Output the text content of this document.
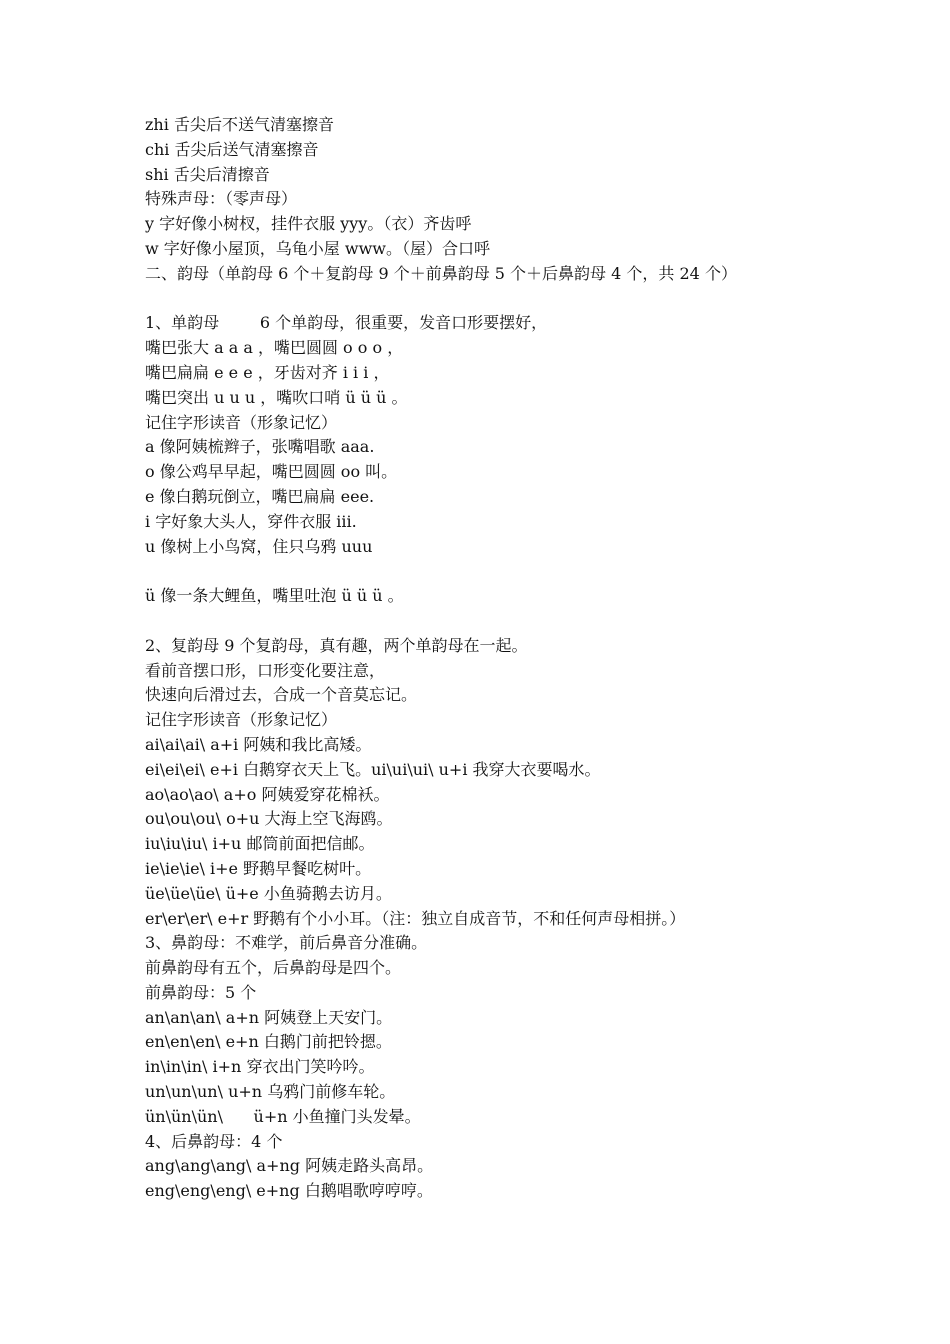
zhi 舌尖后不送气清塞擦音
chi 舌尖后送气清塞擦音
shi 舌尖后清擦音
特殊声母：（零声母）
y 字好像小树杈，挂件衣服 yyy。（衣）齐齿呼
w 字好像小屋顶，乌龟小屋 www。（屋）合口呼
二、韵母（单韵母 6 个＋复韵母 9 个＋前鼻韵母 5 个＋后鼻韵母 4 个，共 24 个）
1、单韵母        6 个单韵母，很重要，发音口形要摆好，
嘴巴张大 a a a ，嘴巴圆圆 o o o ，
嘴巴扁扁 e e e ，牙齿对齐 i i i ，
嘴巴突出 u u u ，嘴吹口哨 ü ü ü 。
记住字形读音（形象记忆）
a 像阿姨梳辫子，张嘴唱歌 aaa.
o 像公鸡早早起，嘴巴圆圆 oo 叫。
e 像白鹅玩倒立，嘴巴扁扁 eee.
i 字好象大头人，穿件衣服 iii.
u 像树上小鸟窝，住只乌鸦 uuu
ü 像一条大鲤鱼，嘴里吐泡 ü ü ü 。
2、复韵母 9 个复韵母，真有趣，两个单韵母在一起。
看前音摆口形，口形变化要注意，
快速向后滑过去，合成一个音莫忘记。
记住字形读音（形象记忆）
ai\ai\ai\ a+i 阿姨和我比高矮。
ei\ei\ei\ e+i 白鹅穿衣天上飞。ui\ui\ui\ u+i 我穿大衣要喝水。
ao\ao\ao\ a+o 阿姨爱穿花棉袄。
ou\ou\ou\ o+u 大海上空飞海鸥。
iu\iu\iu\ i+u 邮筒前面把信邮。
ie\ie\ie\ i+e 野鹅早餐吃树叶。
üe\üe\üe\ ü+e 小鱼骑鹅去访月。
er\er\er\ e+r 野鹅有个小小耳。（注：独立自成音节，不和任何声母相拼。）
3、鼻韵母：不难学，前后鼻音分准确。
前鼻韵母有五个，后鼻韵母是四个。
前鼻韵母：5 个
an\an\an\ a+n 阿姨登上天安门。
en\en\en\ e+n 白鹅门前把铃摁。
in\in\in\ i+n 穿衣出门笑吟吟。
un\un\un\ u+n 乌鸦门前修车轮。
ün\ün\ün\      ü+n 小鱼撞门头发晕。
4、后鼻韵母：4 个
ang\ang\ang\ a+ng 阿姨走路头高昂。
eng\eng\eng\ e+ng 白鹅唱歌哼哼哼。
